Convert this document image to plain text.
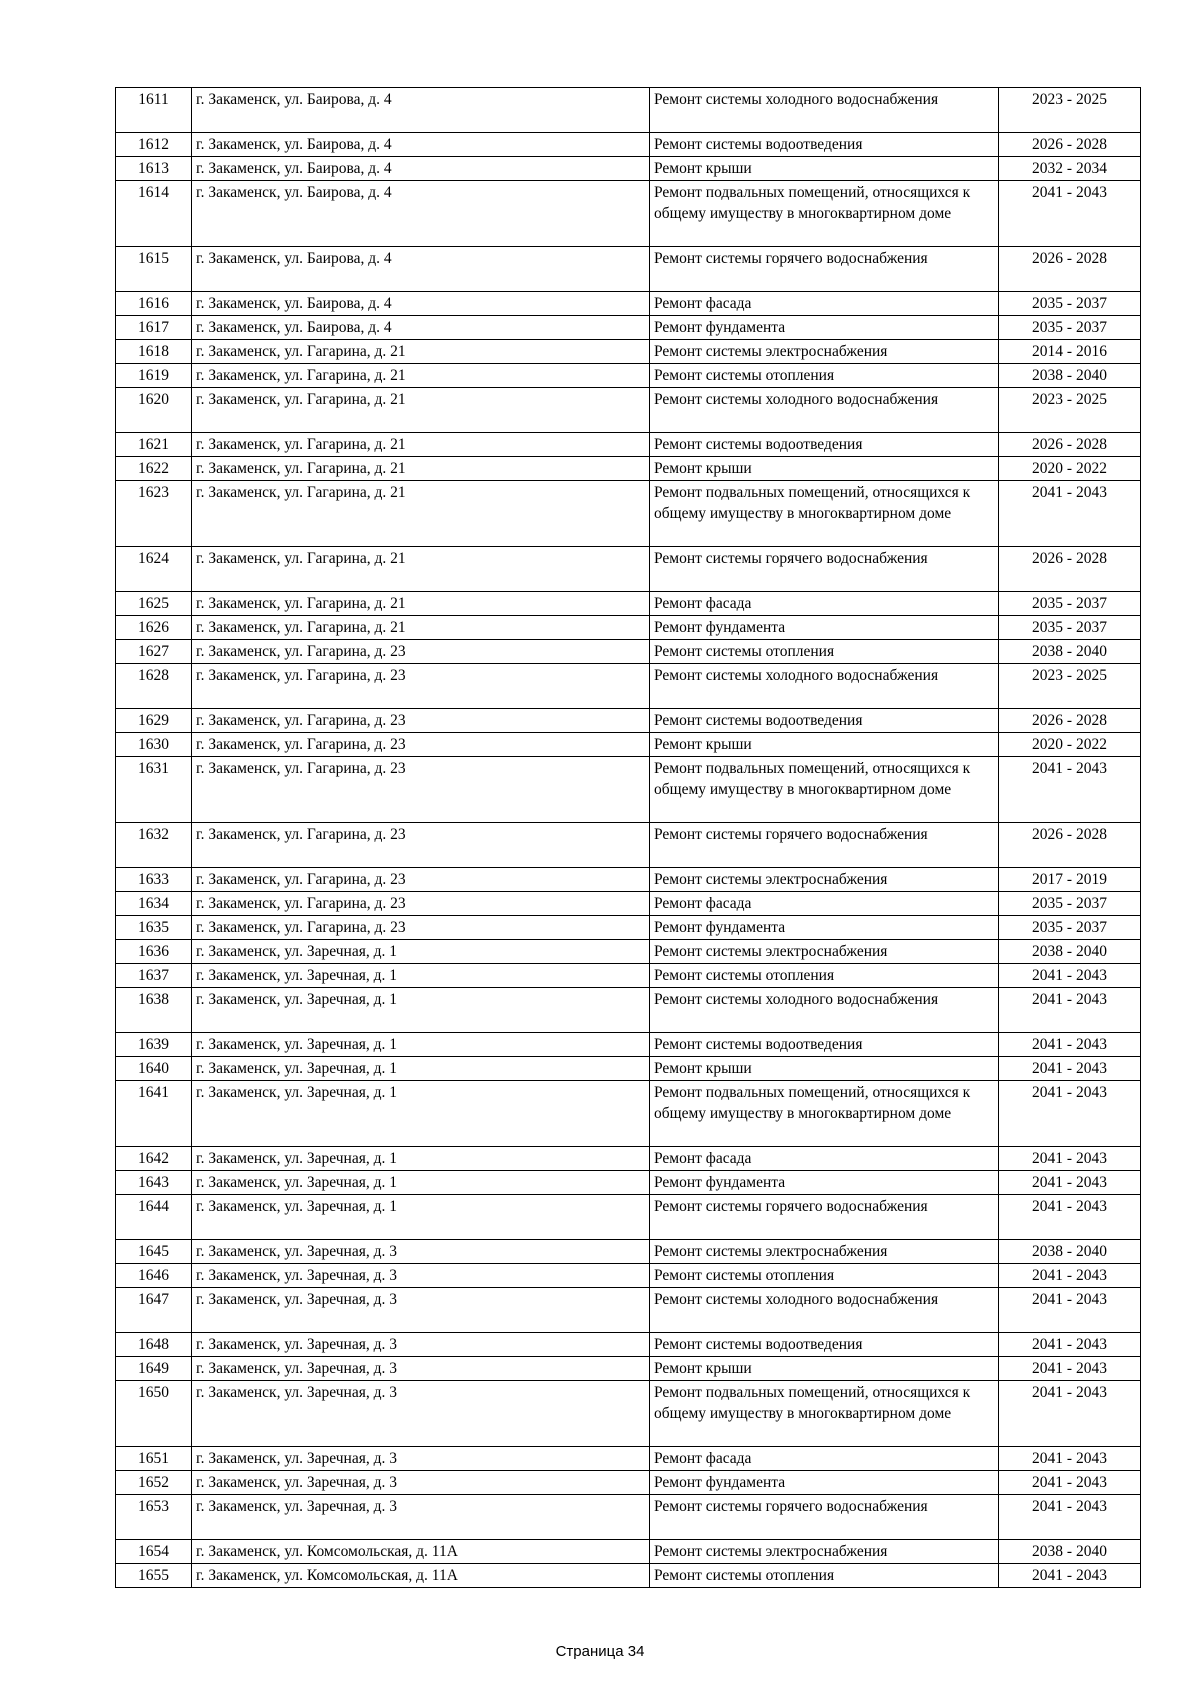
1611	г. Закаменск, ул. Баирова, д. 4	Ремонт системы холодного водоснабжения	2023 - 2025
1612	г. Закаменск, ул. Баирова, д. 4	Ремонт системы водоотведения	2026 - 2028
1613	г. Закаменск, ул. Баирова, д. 4	Ремонт крыши	2032 - 2034
1614	г. Закаменск, ул. Баирова, д. 4	Ремонт подвальных помещений, относящихся к общему имуществу в многоквартирном доме	2041 - 2043
1615	г. Закаменск, ул. Баирова, д. 4	Ремонт системы горячего водоснабжения	2026 - 2028
1616	г. Закаменск, ул. Баирова, д. 4	Ремонт фасада	2035 - 2037
1617	г. Закаменск, ул. Баирова, д. 4	Ремонт фундамента	2035 - 2037
1618	г. Закаменск, ул. Гагарина, д. 21	Ремонт системы электроснабжения	2014 - 2016
1619	г. Закаменск, ул. Гагарина, д. 21	Ремонт системы отопления	2038 - 2040
1620	г. Закаменск, ул. Гагарина, д. 21	Ремонт системы холодного водоснабжения	2023 - 2025
1621	г. Закаменск, ул. Гагарина, д. 21	Ремонт системы водоотведения	2026 - 2028
1622	г. Закаменск, ул. Гагарина, д. 21	Ремонт крыши	2020 - 2022
1623	г. Закаменск, ул. Гагарина, д. 21	Ремонт подвальных помещений, относящихся к общему имуществу в многоквартирном доме	2041 - 2043
1624	г. Закаменск, ул. Гагарина, д. 21	Ремонт системы горячего водоснабжения	2026 - 2028
1625	г. Закаменск, ул. Гагарина, д. 21	Ремонт фасада	2035 - 2037
1626	г. Закаменск, ул. Гагарина, д. 21	Ремонт фундамента	2035 - 2037
1627	г. Закаменск, ул. Гагарина, д. 23	Ремонт системы отопления	2038 - 2040
1628	г. Закаменск, ул. Гагарина, д. 23	Ремонт системы холодного водоснабжения	2023 - 2025
1629	г. Закаменск, ул. Гагарина, д. 23	Ремонт системы водоотведения	2026 - 2028
1630	г. Закаменск, ул. Гагарина, д. 23	Ремонт крыши	2020 - 2022
1631	г. Закаменск, ул. Гагарина, д. 23	Ремонт подвальных помещений, относящихся к общему имуществу в многоквартирном доме	2041 - 2043
1632	г. Закаменск, ул. Гагарина, д. 23	Ремонт системы горячего водоснабжения	2026 - 2028
1633	г. Закаменск, ул. Гагарина, д. 23	Ремонт системы электроснабжения	2017 - 2019
1634	г. Закаменск, ул. Гагарина, д. 23	Ремонт фасада	2035 - 2037
1635	г. Закаменск, ул. Гагарина, д. 23	Ремонт фундамента	2035 - 2037
1636	г. Закаменск, ул. Заречная, д. 1	Ремонт системы электроснабжения	2038 - 2040
1637	г. Закаменск, ул. Заречная, д. 1	Ремонт системы отопления	2041 - 2043
1638	г. Закаменск, ул. Заречная, д. 1	Ремонт системы холодного водоснабжения	2041 - 2043
1639	г. Закаменск, ул. Заречная, д. 1	Ремонт системы водоотведения	2041 - 2043
1640	г. Закаменск, ул. Заречная, д. 1	Ремонт крыши	2041 - 2043
1641	г. Закаменск, ул. Заречная, д. 1	Ремонт подвальных помещений, относящихся к общему имуществу в многоквартирном доме	2041 - 2043
1642	г. Закаменск, ул. Заречная, д. 1	Ремонт фасада	2041 - 2043
1643	г. Закаменск, ул. Заречная, д. 1	Ремонт фундамента	2041 - 2043
1644	г. Закаменск, ул. Заречная, д. 1	Ремонт системы горячего водоснабжения	2041 - 2043
1645	г. Закаменск, ул. Заречная, д. 3	Ремонт системы электроснабжения	2038 - 2040
1646	г. Закаменск, ул. Заречная, д. 3	Ремонт системы отопления	2041 - 2043
1647	г. Закаменск, ул. Заречная, д. 3	Ремонт системы холодного водоснабжения	2041 - 2043
1648	г. Закаменск, ул. Заречная, д. 3	Ремонт системы водоотведения	2041 - 2043
1649	г. Закаменск, ул. Заречная, д. 3	Ремонт крыши	2041 - 2043
1650	г. Закаменск, ул. Заречная, д. 3	Ремонт подвальных помещений, относящихся к общему имуществу в многоквартирном доме	2041 - 2043
1651	г. Закаменск, ул. Заречная, д. 3	Ремонт фасада	2041 - 2043
1652	г. Закаменск, ул. Заречная, д. 3	Ремонт фундамента	2041 - 2043
1653	г. Закаменск, ул. Заречная, д. 3	Ремонт системы горячего водоснабжения	2041 - 2043
1654	г. Закаменск, ул. Комсомольская, д. 11А	Ремонт системы электроснабжения	2038 - 2040
1655	г. Закаменск, ул. Комсомольская, д. 11А	Ремонт системы отопления	2041 - 2043
Страница 34
